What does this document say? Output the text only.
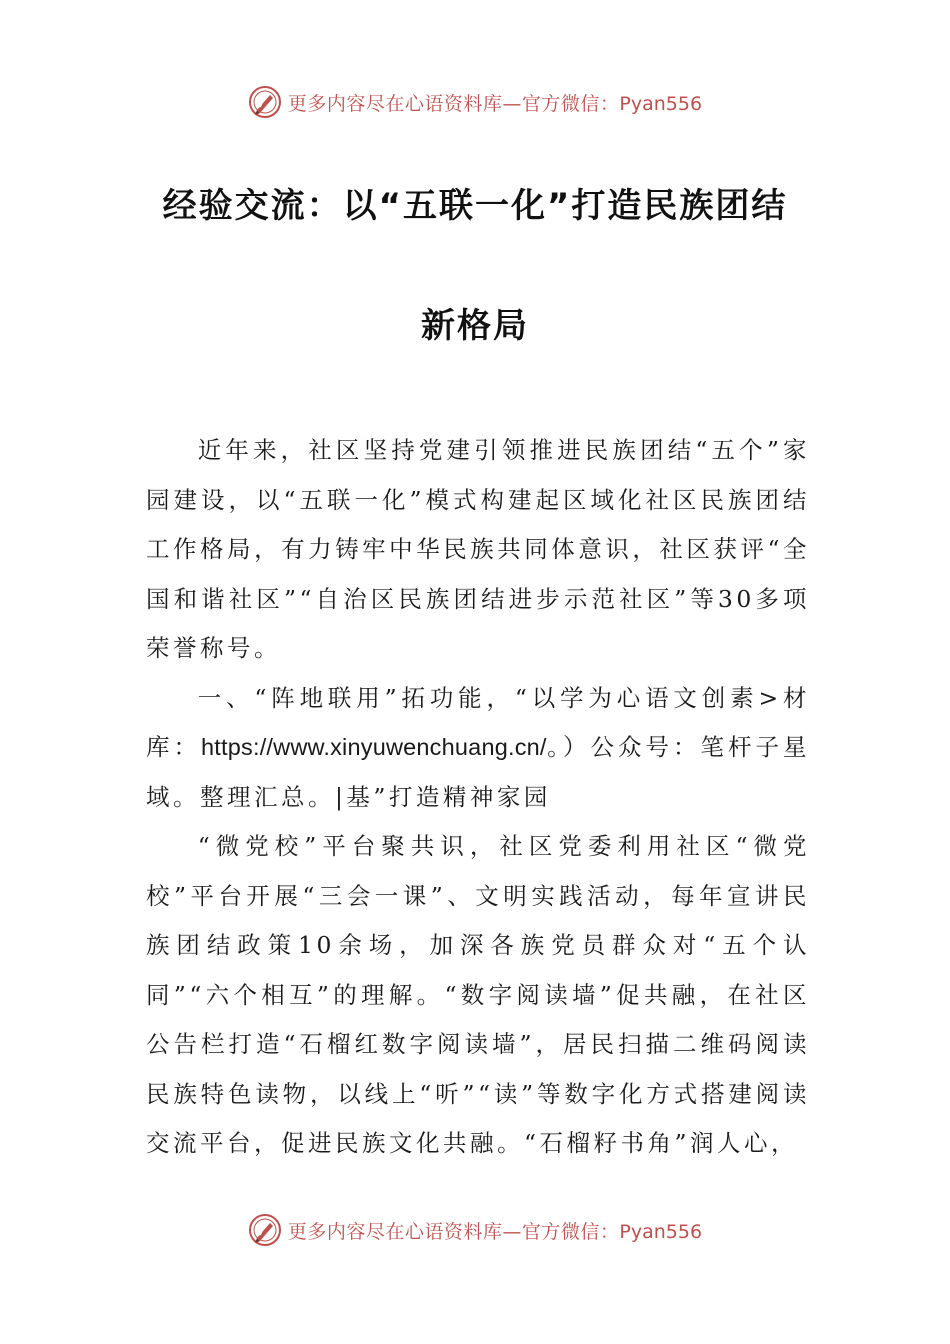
更多内容尽在心语资料库—官方微信：Pyan556
经验交流：以“五联一化”打造民族团结
新格局

近年来，社区坚持党建引领推进民族团结“五个”家园建设，以“五联一化”模式构建起区域化社区民族团结工作格局，有力铸牢中华民族共同体意识，社区获评“全国和谐社区”“自治区民族团结进步示范社区”等30多项荣誉称号。

一、“阵地联用”拓功能，“以学为心语文创素>材库：https://www.xinyuwenchuang.cn/。）公众号：笔杆子星域。整理汇总。|基”打造精神家园

“微党校”平台聚共识，社区党委利用社区“微党校”平台开展“三会一课”、文明实践活动，每年宣讲民族团结政策10余场，加深各族党员群众对“五个认同”“六个相互”的理解。“数字阅读墙”促共融，在社区公告栏打造“石榴红数字阅读墙”，居民扫描二维码阅读民族特色读物，以线上“听”“读”等数字化方式搭建阅读交流平台，促进民族文化共融。“石榴籽书角”润人心，

更多内容尽在心语资料库—官方微信：Pyan556
